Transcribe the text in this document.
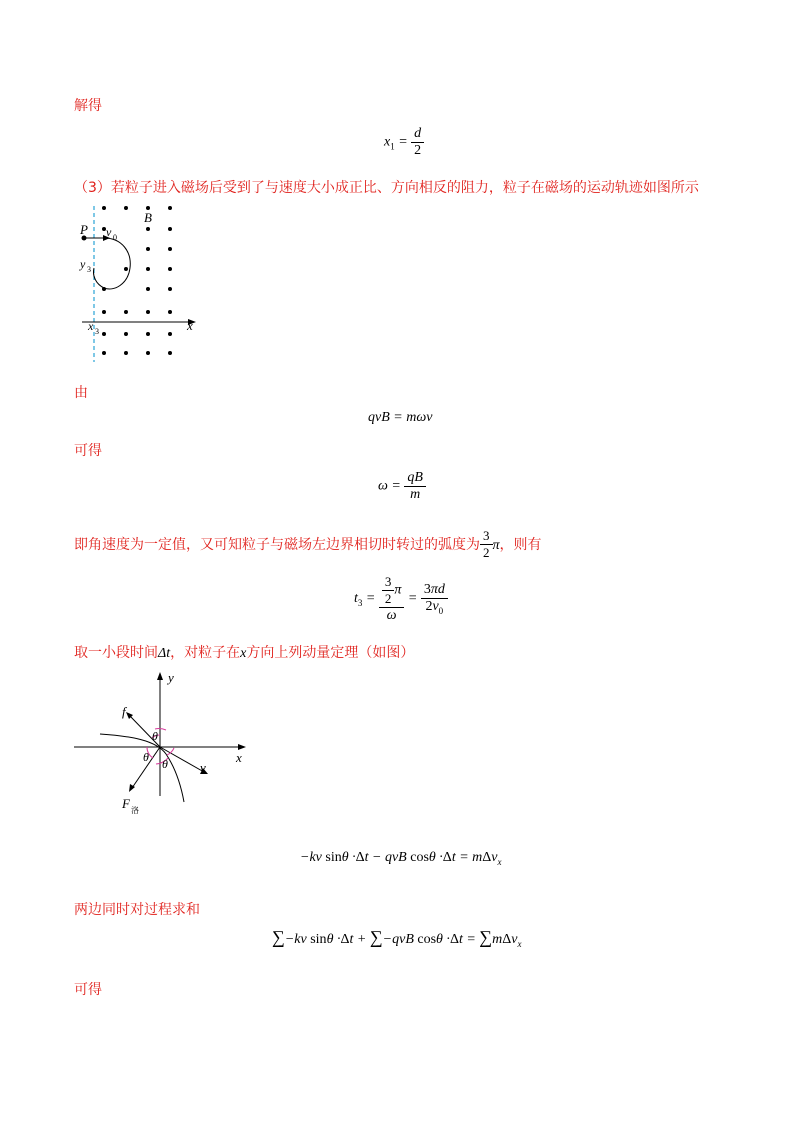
解得
$x_1 = \frac{d}{2}$
（3）若粒子进入磁场后受到了与速度大小成正比、方向相反的阻力，粒子在磁场的运动轨迹如图所示
P v 0
B
y 3
x 3	x
由
qvB = mωv
可得
$\omega = \frac{qB}{m}$
即角速度为一定值，又可知粒子与磁场左边界相切时转过的弧度为 $\frac{3}{2}$ π，则有
$t_3 = \frac{\frac{3}{2} \pi}{\omega} = \frac{3\pi d}{2v_0}$
取一小段时间Δt，对粒子在x方向上列动量定理（如图）
y
x
f
v
θ
θ θ
F 洛
−kv sinθ ·Δt − qvB cosθ ·Δt = mΔv$_x$
两边同时对过程求和
∑−kv sinθ ·Δt + ∑−qvB cosθ ·Δt = ∑mΔv$_x$
可得
